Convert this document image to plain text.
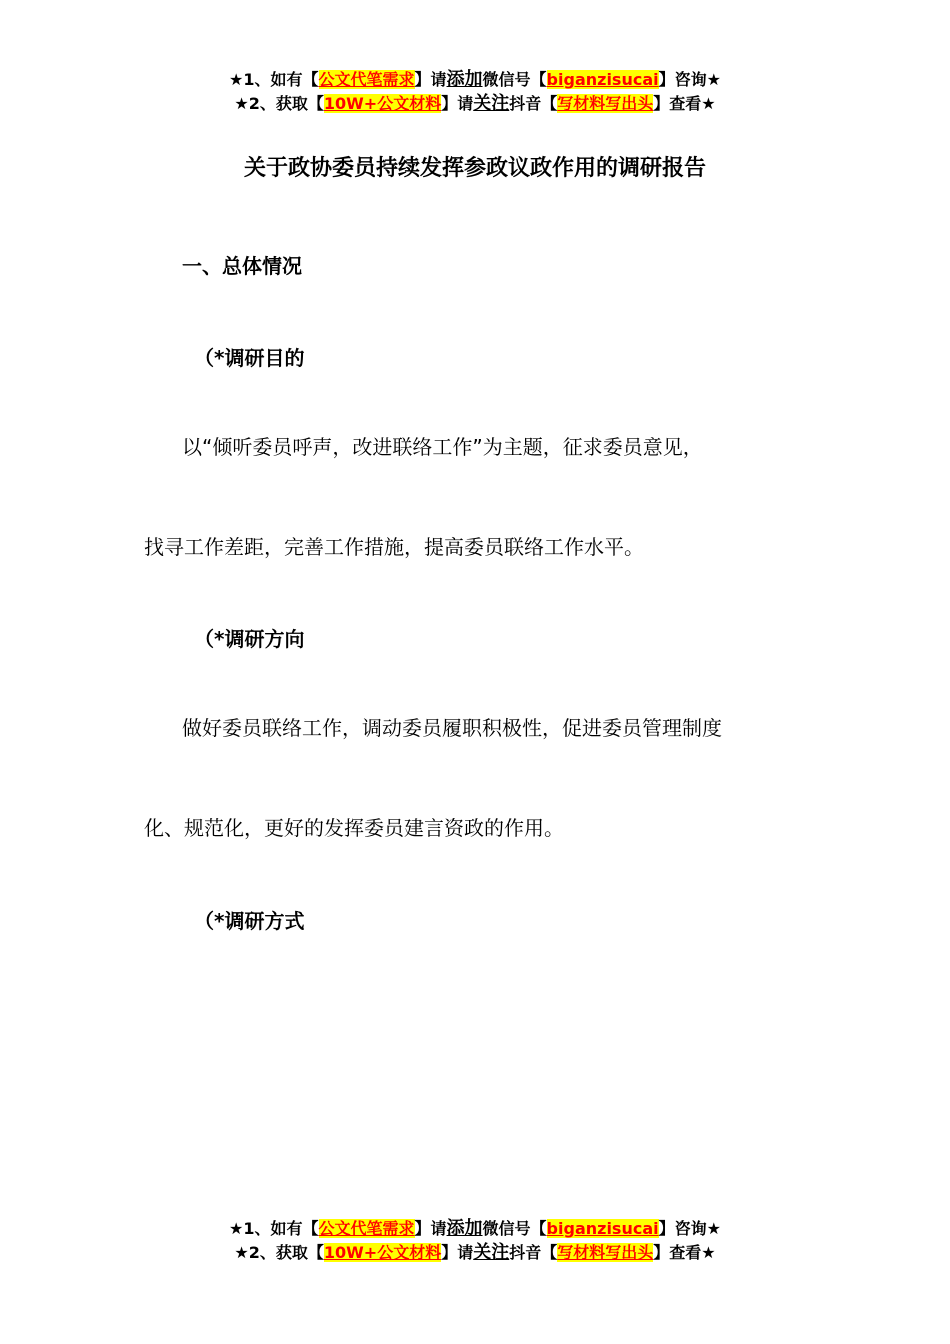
★1、如有【公文代笔需求】请添加微信号【biganzisucai】咨询★
★2、获取【10W+公文材料】请关注抖音【写材料写出头】查看★
关于政协委员持续发挥参政议政作用的调研报告
一、总体情况
（*调研目的
以“倾听委员呼声，改进联络工作”为主题，征求委员意见，
找寻工作差距，完善工作措施，提高委员联络工作水平。
（*调研方向
做好委员联络工作，调动委员履职积极性，促进委员管理制度
化、规范化，更好的发挥委员建言资政的作用。
（*调研方式
★1、如有【公文代笔需求】请添加微信号【biganzisucai】咨询★
★2、获取【10W+公文材料】请关注抖音【写材料写出头】查看★
